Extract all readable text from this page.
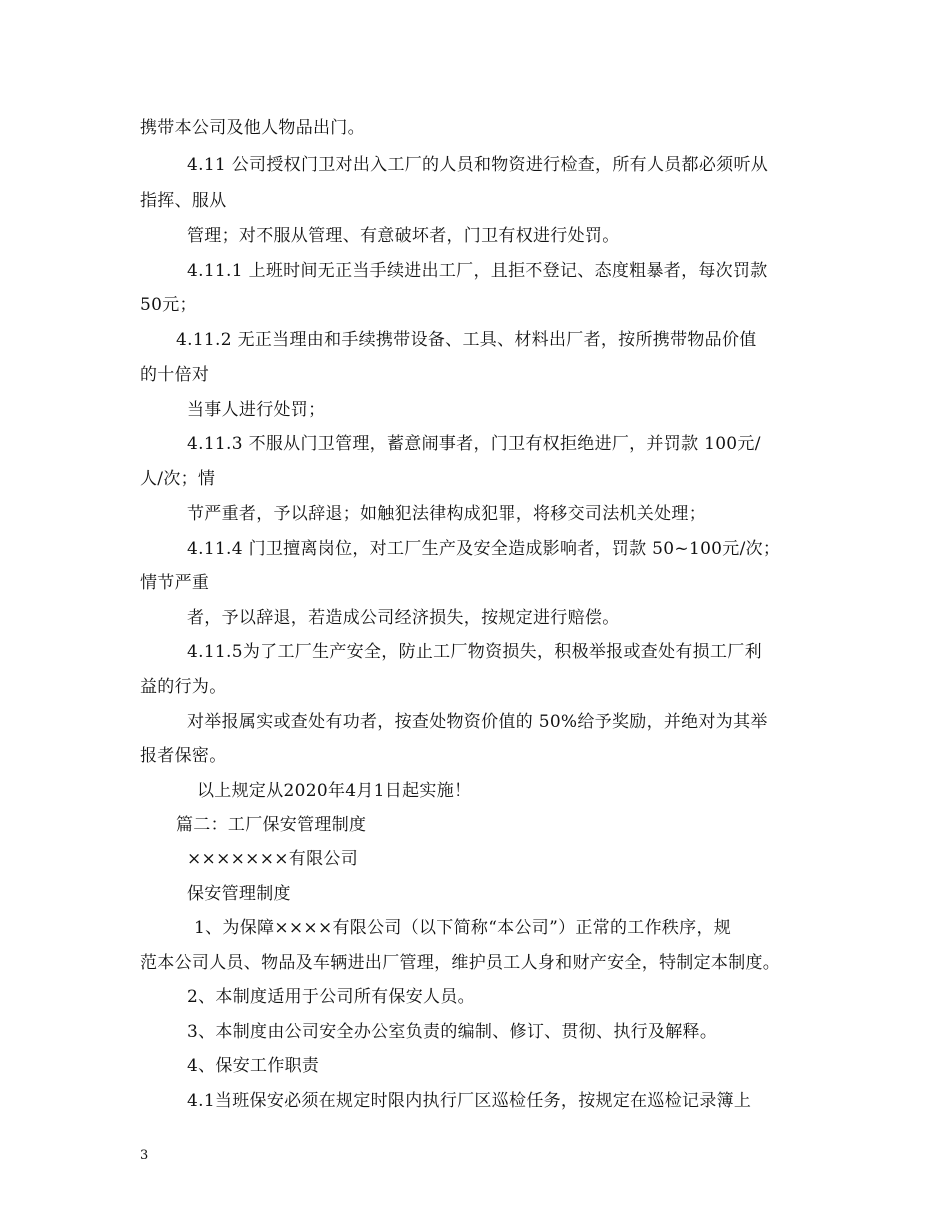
携带本公司及他人物品出门。
4.11 公司授权门卫对出入工厂的人员和物资进行检查，所有人员都必须听从
指挥、服从
管理；对不服从管理、有意破坏者，门卫有权进行处罚。
4.11.1 上班时间无正当手续进出工厂，且拒不登记、态度粗暴者，每次罚款
50元；
4.11.2 无正当理由和手续携带设备、工具、材料出厂者，按所携带物品价值
的十倍对
当事人进行处罚；
4.11.3 不服从门卫管理，蓄意闹事者，门卫有权拒绝进厂，并罚款 100元/
人/次；情
节严重者，予以辞退；如触犯法律构成犯罪，将移交司法机关处理；
4.11.4 门卫擅离岗位，对工厂生产及安全造成影响者，罚款 50~100元/次；
情节严重
者，予以辞退，若造成公司经济损失，按规定进行赔偿。
4.11.5为了工厂生产安全，防止工厂物资损失，积极举报或查处有损工厂利
益的行为。
对举报属实或查处有功者，按查处物资价值的 50%给予奖励，并绝对为其举
报者保密。
以上规定从2020年4月1日起实施！
篇二：工厂保安管理制度
×××××××有限公司
保安管理制度
1、为保障××××有限公司（以下简称“本公司”）正常的工作秩序，规
范本公司人员、物品及车辆进出厂管理，维护员工人身和财产安全，特制定本制度。
2、本制度适用于公司所有保安人员。
3、本制度由公司安全办公室负责的编制、修订、贯彻、执行及解释。
4、保安工作职责
4.1当班保安必须在规定时限内执行厂区巡检任务，按规定在巡检记录簿上
3
